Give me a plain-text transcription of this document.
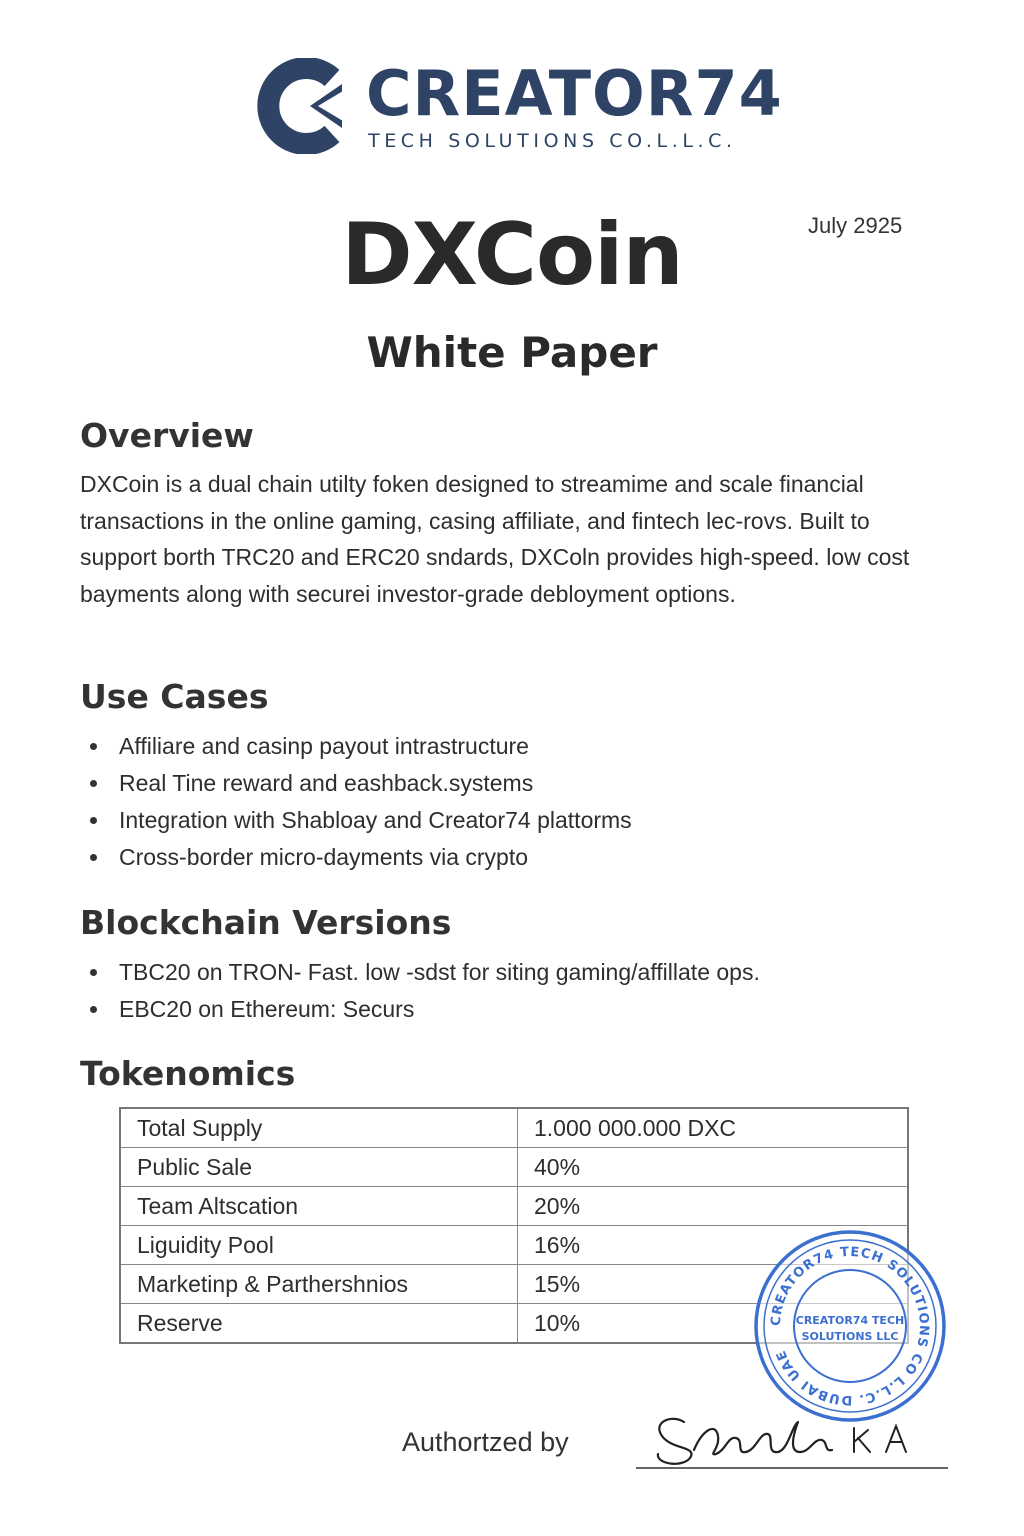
CREATOR74
TECH SOLUTIONS CO.L.L.C.
July 2925
DXCoin
White Paper
Overview

DXCoin is a dual chain utilty foken designed to streamime and scale financial transactions in the online gaming, casing affiliate, and fintech lec-rovs. Built to support borth TRC20 and ERC20 sndards, DXColn provides high-speed. low cost bayments along with securei investor-grade debloyment options.

Use Cases
Affiliare and casinp payout intrastructure
Real Tine reward and eashback.systems
Integration with Shabloay and Creator74 plattorms
Cross-border micro-dayments via crypto
Blockchain Versions
TBC20 on TRON- Fast. low -sdst for siting gaming/affillate ops.
EBC20 on Ethereum: Securs
Tokenomics
Total Supply	1.000 000.000 DXC
Public Sale	40%
Team Altscation	20%
Liguidity Pool	16%
Marketinp & Parthershnios	15%
Reserve	10%	CREATOR74 TECH SOLUTIONS CO L.L.C. DUBAI UAE
CREATOR74 TECH
SOLUTIONS LLC
Authortzed by
